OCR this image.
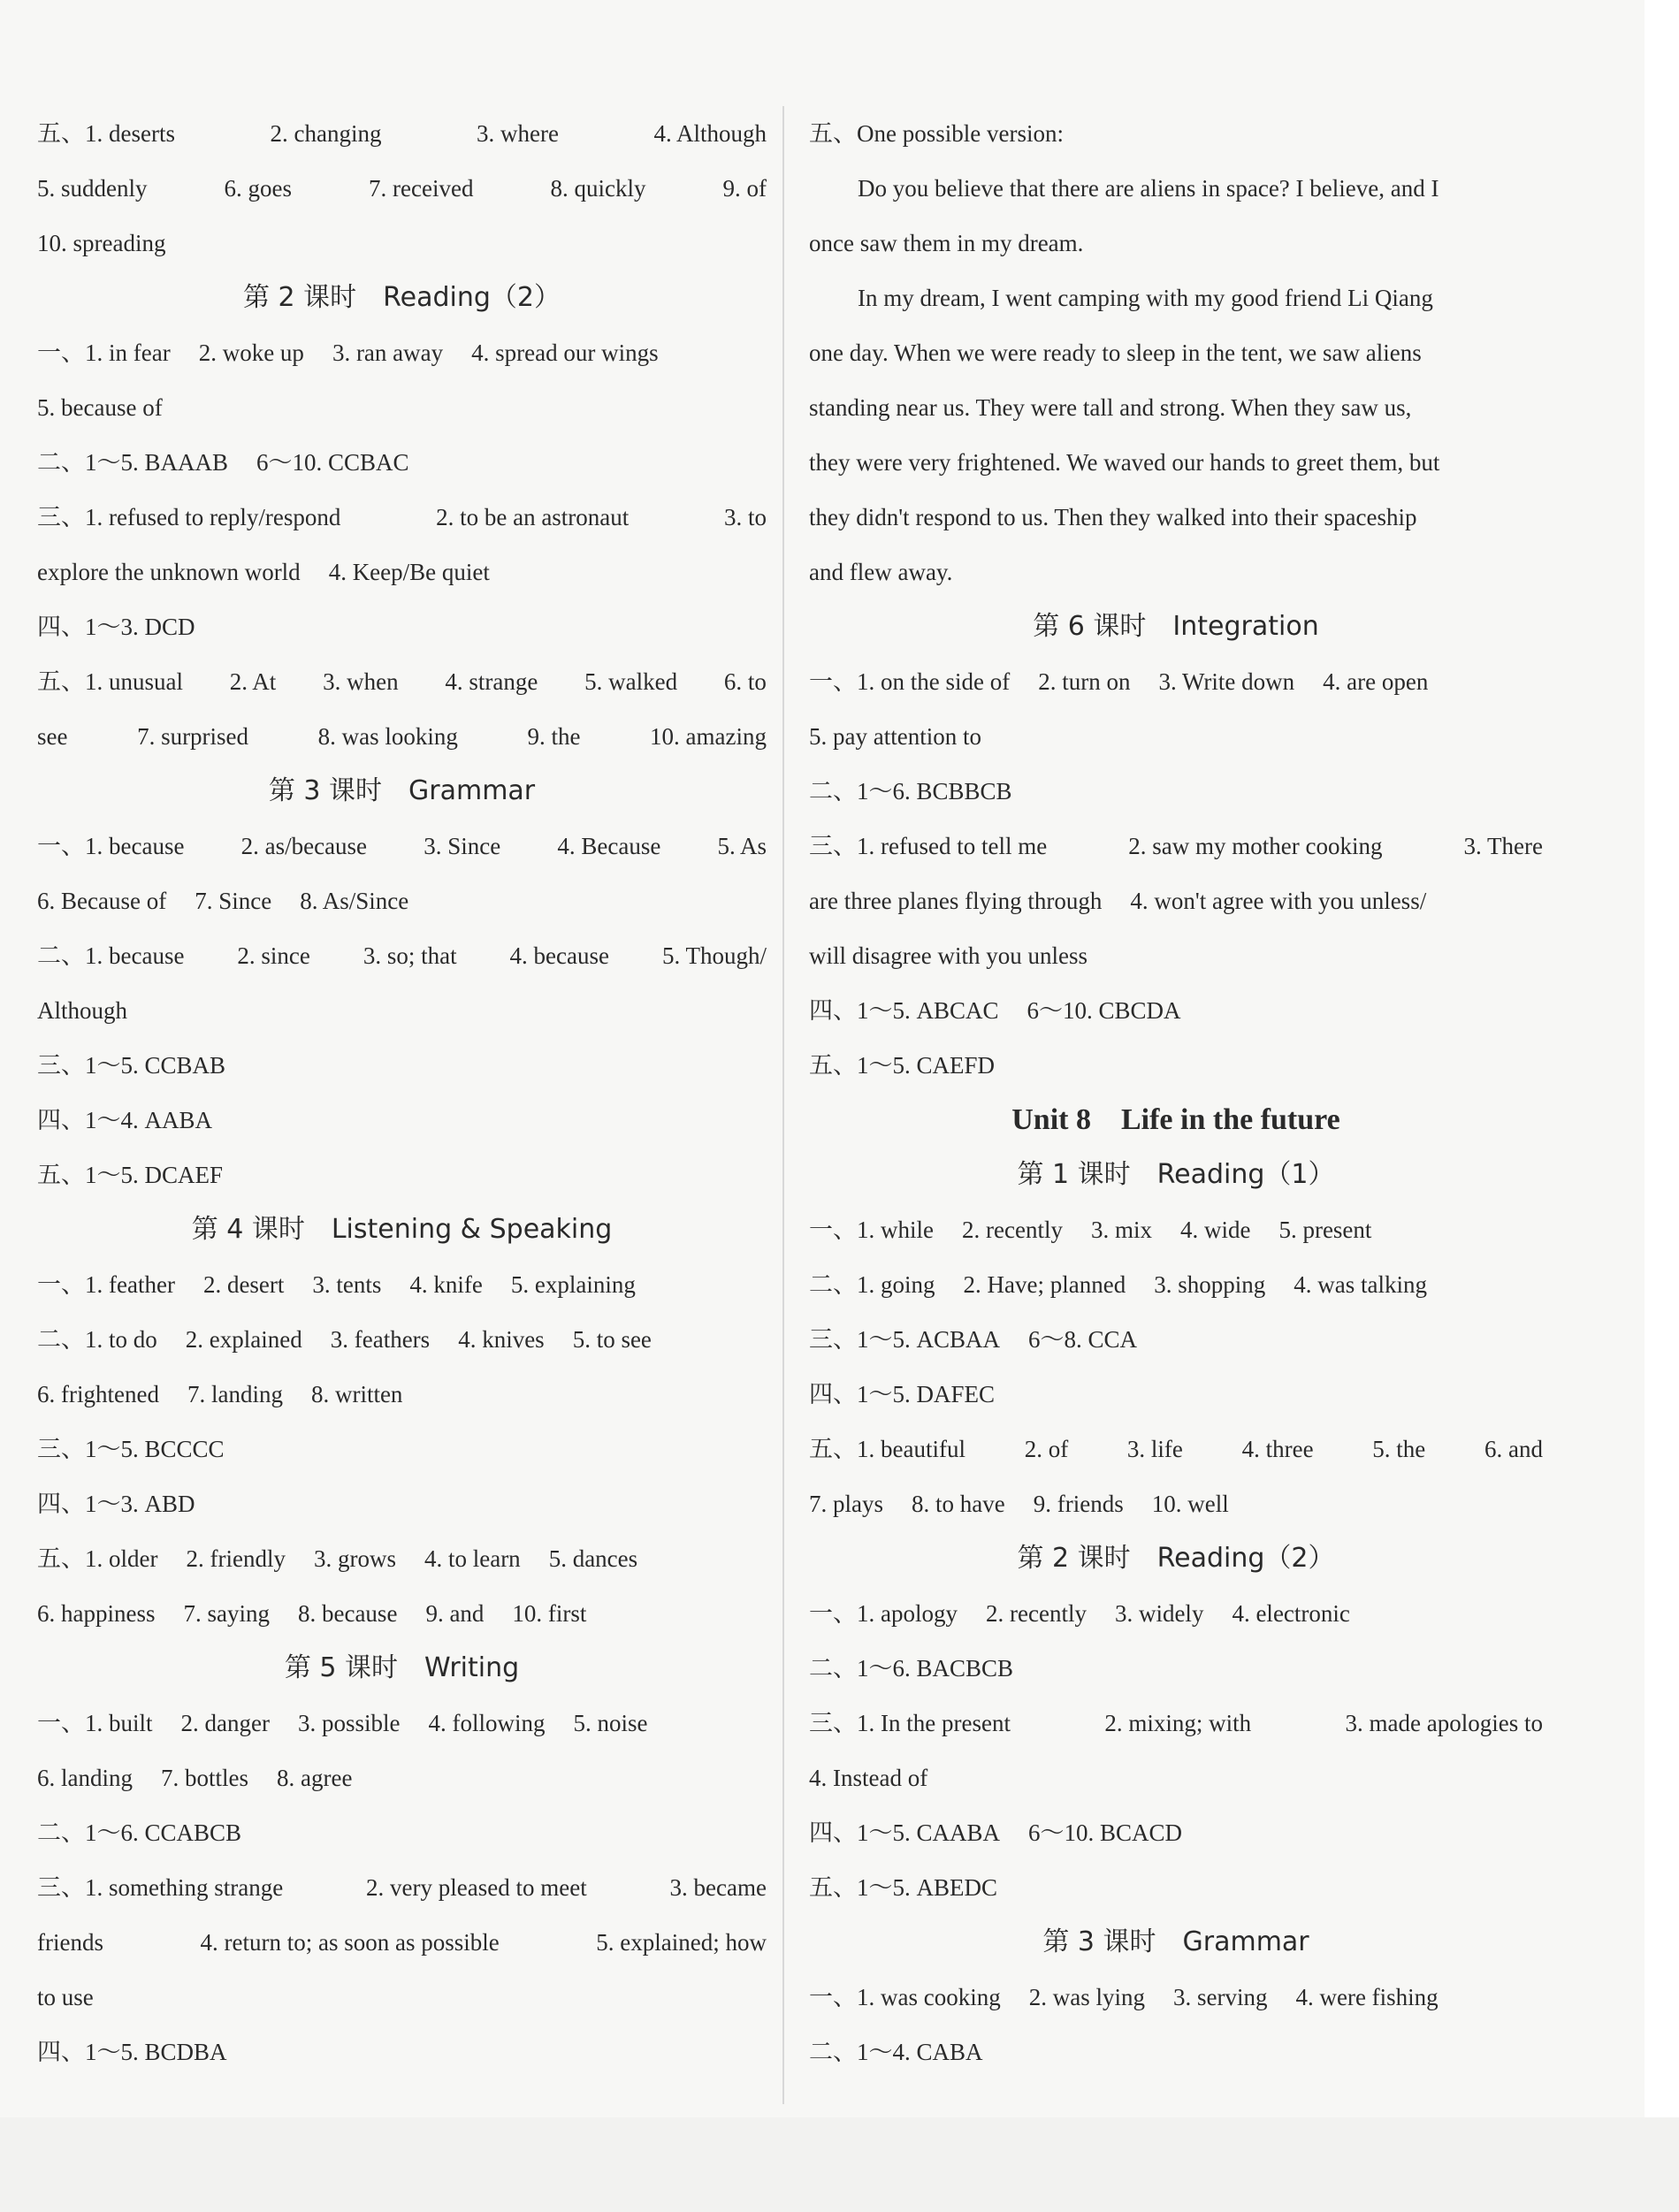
五、1. deserts	2. changing	3. where	4. Although
5. suddenly	6. goes	7. received	8. quickly	9. of
10. spreading
第 2 课时　Reading（2）
一、1. in fear 2. woke up 3. ran away 4. spread our wings
5. because of
二、1～5. BAAAB 6～10. CCBAC
三、1. refused to reply/respond	2. to be an astronaut	3. to
explore the unknown world 4. Keep/Be quiet
四、1～3. DCD
五、1. unusual 2. At 3. when 4. strange 5. walked 6. to
see	7. surprised	8. was looking	9. the	10. amazing
第 3 课时　Grammar
一、1. because 2. as/because 3. Since 4. Because 5. As
6. Because of 7. Since 8. As/Since
二、1. because 2. since 3. so; that 4. because 5. Though/
Although
三、1～5. CCBAB
四、1～4. AABA
五、1～5. DCAEF
第 4 课时　Listening & Speaking
一、1. feather 2. desert 3. tents 4. knife 5. explaining
二、1. to do 2. explained 3. feathers 4. knives 5. to see
6. frightened 7. landing 8. written
三、1～5. BCCCC
四、1～3. ABD
五、1. older 2. friendly 3. grows 4. to learn 5. dances
6. happiness 7. saying 8. because 9. and 10. first
第 5 课时　Writing
一、1. built 2. danger 3. possible 4. following 5. noise
6. landing 7. bottles 8. agree
二、1～6. CCABCB
三、1. something strange	2. very pleased to meet	3. became
friends	4. return to; as soon as possible	5. explained; how
to use
四、1～5. BCDBA
五、One possible version:
Do you believe that there are aliens in space? I believe, and I
once saw them in my dream.
In my dream, I went camping with my good friend Li Qiang
one day. When we were ready to sleep in the tent, we saw aliens
standing near us. They were tall and strong. When they saw us,
they were very frightened. We waved our hands to greet them, but
they didn't respond to us. Then they walked into their spaceship
and flew away.
第 6 课时　Integration
一、1. on the side of 2. turn on 3. Write down 4. are open
5. pay attention to
二、1～6. BCBBCB
三、1. refused to tell me	2. saw my mother cooking	3. There
are three planes flying through 4. won't agree with you unless/
will disagree with you unless
四、1～5. ABCAC 6～10. CBCDA
五、1～5. CAEFD
Unit 8　Life in the future
第 1 课时　Reading（1）
一、1. while 2. recently 3. mix 4. wide 5. present
二、1. going 2. Have; planned 3. shopping 4. was talking
三、1～5. ACBAA 6～8. CCA
四、1～5. DAFEC
五、1. beautiful 2. of 3. life 4. three 5. the 6. and
7. plays 8. to have 9. friends 10. well
第 2 课时　Reading（2）
一、1. apology 2. recently 3. widely 4. electronic
二、1～6. BACBCB
三、1. In the present	2. mixing; with	3. made apologies to
4. Instead of
四、1～5. CAABA 6～10. BCACD
五、1～5. ABEDC
第 3 课时　Grammar
一、1. was cooking 2. was lying 3. serving 4. were fishing
二、1～4. CABA
